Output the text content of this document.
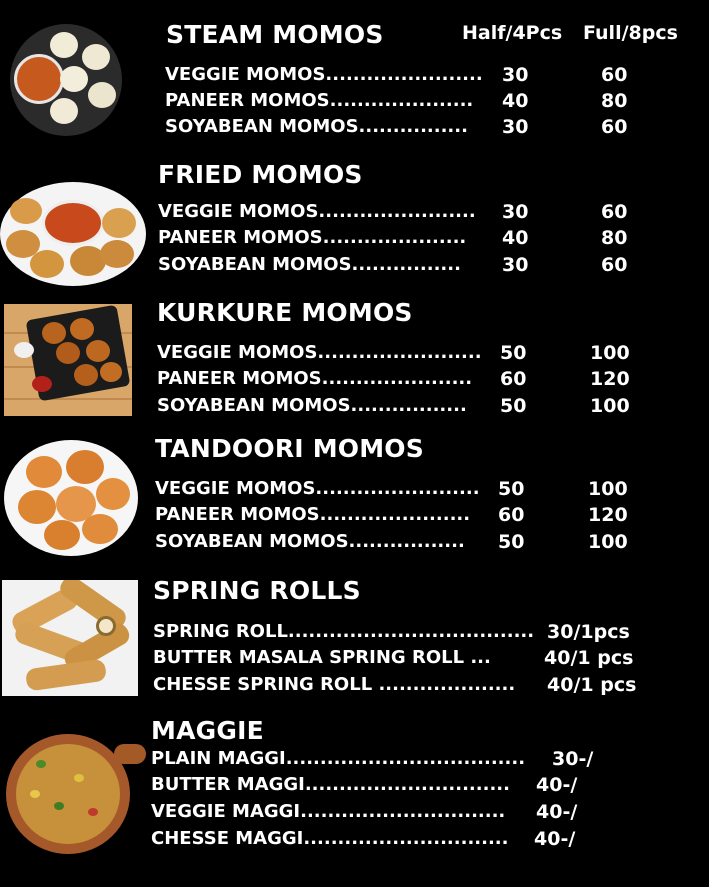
Half/4Pcs Full/8pcs
STEAM MOMOS
VEGGIE MOMOS....................... 30	60
PANEER MOMOS..................... 40	80
SOYABEAN MOMOS................ 30	60
FRIED MOMOS
VEGGIE MOMOS....................... 30	60
PANEER MOMOS..................... 40	80
SOYABEAN MOMOS................ 30	60
KURKURE MOMOS
VEGGIE MOMOS........................ 50	100
PANEER MOMOS...................... 60	120
SOYABEAN MOMOS................. 50	100
TANDOORI MOMOS
VEGGIE MOMOS........................ 50	100
PANEER MOMOS...................... 60	120
SOYABEAN MOMOS................. 50	100
SPRING ROLLS
SPRING ROLL.................................... 30/1pcs
BUTTER MASALA SPRING ROLL ...	40/1 pcs
CHESSE SPRING ROLL .................... 40/1 pcs
MAGGIE
PLAIN MAGGI................................... 30-/
BUTTER MAGGI.............................. 40-/
VEGGIE MAGGI.............................. 40-/
CHESSE MAGGI.............................. 40-/
